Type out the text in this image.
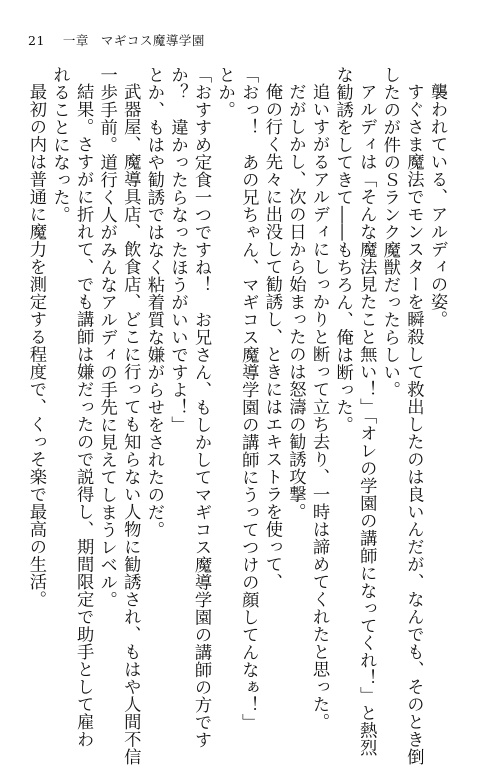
21 一章 マギコス魔導学園

襲われている、アルディの姿。

すぐさま魔法でモンスターを瞬殺して救出したのは良いんだが、なんでも、そのとき倒

したのが件のＳランク魔獣だったらしい。

アルディは「そんな魔法見たこと無い！」「オレの学園の講師になってくれ！」と熱烈

な勧誘をしてきて――もちろん、俺は断った。

追いすがるアルディにしっかりと断って立ち去り、一時は諦めてくれたと思った。

だがしかし、次の日から始まったのは怒濤の勧誘攻撃。

俺の行く先々に出没して勧誘し、ときにはエキストラを使って、

「おっ！　あの兄ちゃん、マギコス魔導学園の講師にうってつけの顔してんなぁ！」

とか。

「おすすめ定食一つですね！　お兄さん、もしかしてマギコス魔導学園の講師の方です

か？　違かったらなったほうがいいですよ！」

とか、もはや勧誘ではなく粘着質な嫌がらせをされたのだ。

武器屋、魔導具店、飲食店、どこに行っても知らない人物に勧誘され、もはや人間不信

一歩手前。道行く人がみんなアルディの手先に見えてしまうレベル。

結果。さすがに折れて、でも講師は嫌だったので説得し、期間限定で助手として雇わ

れることになった。

最初の内は普通に魔力を測定する程度で、くっそ楽で最高の生活。
